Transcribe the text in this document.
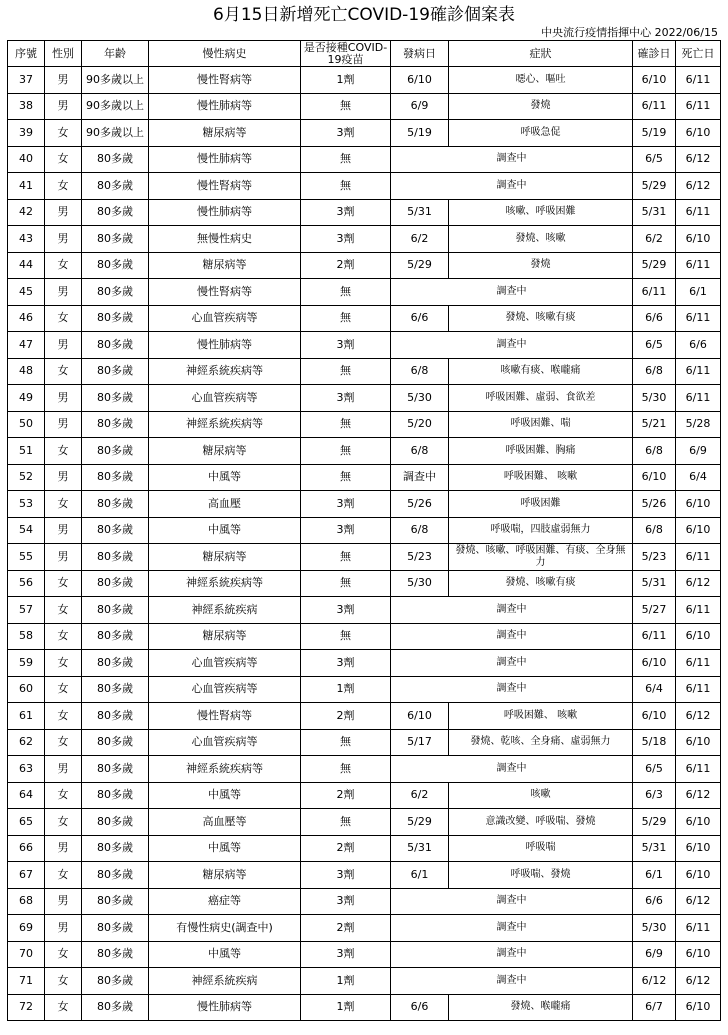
6月15日新增死亡COVID-19確診個案表
中央流行疫情指揮中心 2022/06/15
序號	性別	年齡	慢性病史	是否接種COVID-19疫苗	發病日	症狀	確診日	死亡日
37	男	90多歲以上	慢性腎病等	1劑	6/10	噁心、嘔吐	6/10	6/11
38	男	90多歲以上	慢性肺病等	無	6/9	發燒	6/11	6/11
39	女	90多歲以上	糖尿病等	3劑	5/19	呼吸急促	5/19	6/10
40	女	80多歲	慢性肺病等	無	調查中		6/5	6/12
41	女	80多歲	慢性腎病等	無	調查中		5/29	6/12
42	男	80多歲	慢性肺病等	3劑	5/31	咳嗽、呼吸困難	5/31	6/11
43	男	80多歲	無慢性病史	3劑	6/2	發燒、咳嗽	6/2	6/10
44	女	80多歲	糖尿病等	2劑	5/29	發燒	5/29	6/11
45	男	80多歲	慢性腎病等	無	調查中		6/11	6/1
46	女	80多歲	心血管疾病等	無	6/6	發燒、咳嗽有痰	6/6	6/11
47	男	80多歲	慢性肺病等	3劑	調查中		6/5	6/6
48	女	80多歲	神經系統疾病等	無	6/8	咳嗽有痰、喉嚨痛	6/8	6/11
49	男	80多歲	心血管疾病等	3劑	5/30	呼吸困難、虛弱、食欲差	5/30	6/11
50	男	80多歲	神經系統疾病等	無	5/20	呼吸困難、喘	5/21	5/28
51	女	80多歲	糖尿病等	無	6/8	呼吸困難、胸痛	6/8	6/9
52	男	80多歲	中風等	無	調查中	呼吸困難、 咳嗽	6/10	6/4
53	女	80多歲	高血壓	3劑	5/26	呼吸困難	5/26	6/10
54	男	80多歲	中風等	3劑	6/8	呼吸喘，四肢虛弱無力	6/8	6/10
55	男	80多歲	糖尿病等	無	5/23	發燒、咳嗽、呼吸困難、有痰、全身無力	5/23	6/11
56	女	80多歲	神經系統疾病等	無	5/30	發燒、咳嗽有痰	5/31	6/12
57	女	80多歲	神經系統疾病	3劑	調查中		5/27	6/11
58	女	80多歲	糖尿病等	無	調查中		6/11	6/10
59	女	80多歲	心血管疾病等	3劑	調查中		6/10	6/11
60	女	80多歲	心血管疾病等	1劑	調查中		6/4	6/11
61	女	80多歲	慢性腎病等	2劑	6/10	呼吸困難、 咳嗽	6/10	6/12
62	女	80多歲	心血管疾病等	無	5/17	發燒、乾咳、全身痛、虛弱無力	5/18	6/10
63	男	80多歲	神經系統疾病等	無	調查中		6/5	6/11
64	女	80多歲	中風等	2劑	6/2	咳嗽	6/3	6/12
65	女	80多歲	高血壓等	無	5/29	意識改變、呼吸喘、發燒	5/29	6/10
66	男	80多歲	中風等	2劑	5/31	呼吸喘	5/31	6/10
67	女	80多歲	糖尿病等	3劑	6/1	呼吸喘、發燒	6/1	6/10
68	男	80多歲	癌症等	3劑	調查中		6/6	6/12
69	男	80多歲	有慢性病史(調查中)	2劑	調查中		5/30	6/11
70	女	80多歲	中風等	3劑	調查中		6/9	6/10
71	女	80多歲	神經系統疾病	1劑	調查中		6/12	6/12
72	女	80多歲	慢性肺病等	1劑	6/6	發燒、喉嚨痛	6/7	6/10
